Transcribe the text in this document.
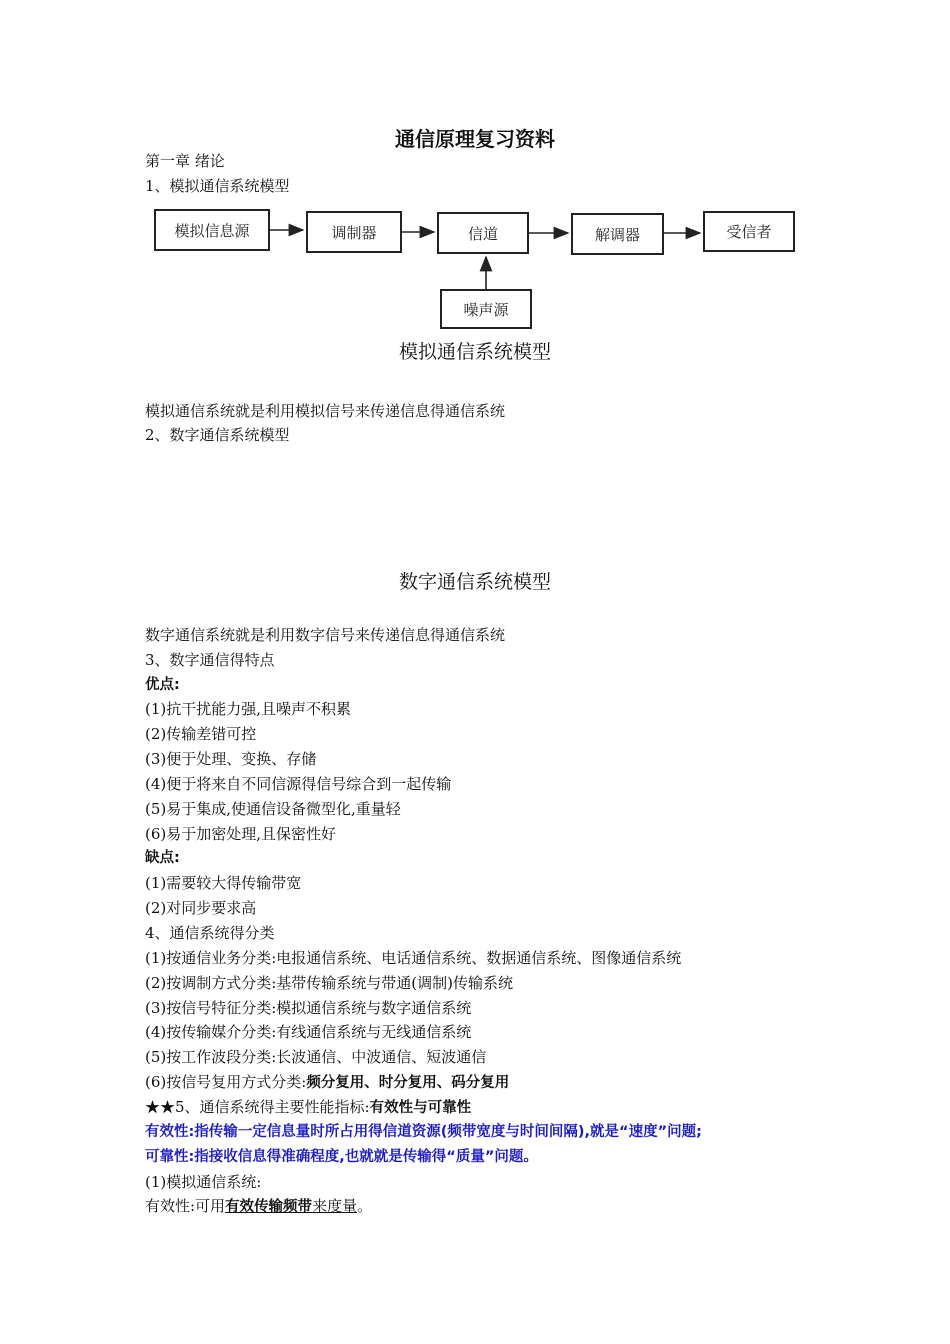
通信原理复习资料
第一章 绪论
1、模拟通信系统模型
模拟信息源	调制器	信道	解调器	受信者
噪声源
模拟通信系统模型
模拟通信系统就是利用模拟信号来传递信息得通信系统
2、数字通信系统模型
数字通信系统模型
数字通信系统就是利用数字信号来传递信息得通信系统
3、数字通信得特点
优点:
(1)抗干扰能力强,且噪声不积累
(2)传输差错可控
(3)便于处理、变换、存储
(4)便于将来自不同信源得信号综合到一起传输
(5)易于集成,使通信设备微型化,重量轻
(6)易于加密处理,且保密性好
缺点:
(1)需要较大得传输带宽
(2)对同步要求高
4、通信系统得分类
(1)按通信业务分类:电报通信系统、电话通信系统、数据通信系统、图像通信系统
(2)按调制方式分类:基带传输系统与带通(调制)传输系统
(3)按信号特征分类:模拟通信系统与数字通信系统
(4)按传输媒介分类:有线通信系统与无线通信系统
(5)按工作波段分类:长波通信、中波通信、短波通信
(6)按信号复用方式分类:频分复用、时分复用、码分复用
★★5、通信系统得主要性能指标:有效性与可靠性
有效性:指传输一定信息量时所占用得信道资源(频带宽度与时间间隔),就是“速度”问题;
可靠性:指接收信息得准确程度,也就就是传输得“质量”问题。
(1)模拟通信系统:
有效性:可用有效传输频带来度量。
